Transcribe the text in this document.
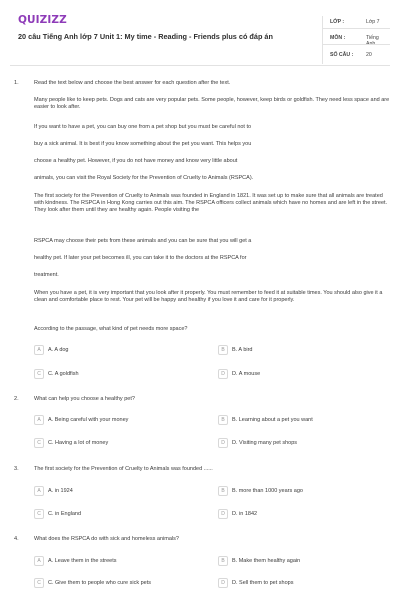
QUIZIZZ
20 câu Tiếng Anh lớp 7 Unit 1: My time - Reading - Friends plus có đáp án
LỚP :	Lớp 7
MÔN :	Tiếng
SỐ CÂU : 20
1.	Read the text below and choose the best answer for each question after the text.
Many people like to keep pets. Dogs and cats are very popular pets. Some people, however, keep birds or goldfish. They need less space and are easier to look after.
If you want to have a pet, you can buy one from a pet shop but you must be careful not to
buy a sick animal. It is best if you know something about the pet you want. This helps you
choose a healthy pet. However, if you do not have money and know very little about
animals, you can visit the Royal Society for the Prevention of Cruelty to Animals (RSPCA).
The first society for the Prevention of Cruelty to Animals was founded in England in 1821. It was set up to make sure that all animals are treated with kindness. The RSPCA in Hong Kong carries out this aim. The RSPCA officers collect animals which have no homes and are left in the street. They look after them until they are healthy again. People visiting the
RSPCA may choose their pets from these animals and you can be sure that you will get a
healthy pet. If later your pet becomes ill, you can take it to the doctors at the RSPCA for
treatment.
When you have a pet, it is very important that you look after it properly. You must remember to feed it at suitable times. You should also give it a clean and comfortable place to rest. Your pet will be happy and healthy if you love it and care for it properly.
According to the passage, what kind of pet needs more space?
A	A. A dog	B	B. A bird
C	C. A goldfish	D	D. A mouse
2.	What can help you choose a healthy pet?
A	A. Being careful with your money	B	B. Learning about a pet you want
C	C. Having a lot of money	D	D. Visiting many pet shops
3.	The first society for the Prevention of Cruelty to Animals was founded ......
A	A. in 1924	B	B. more than 1000 years ago
C	C. in England	D	D. in 1842
4.	What does the RSPCA do with sick and homeless animals?
A	A. Leave them in the streets	B	B. Make them healthy again
C	C. Give them to people who cure sick pets	D	D. Sell them to pet shops
